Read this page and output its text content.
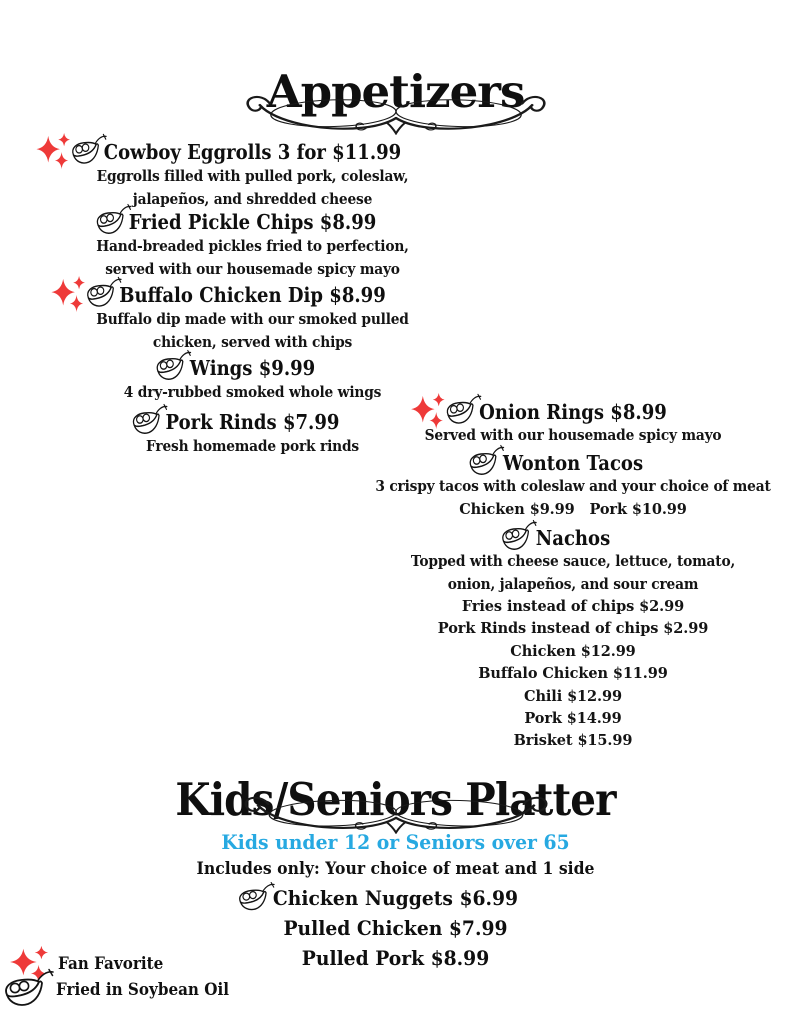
Appetizers
Cowboy Eggrolls 3 for $11.99
Eggrolls filled with pulled pork, coleslaw,
jalapeños, and shredded cheese
Fried Pickle Chips $8.99
Hand-breaded pickles fried to perfection,
served with our housemade spicy mayo
Buffalo Chicken Dip $8.99
Buffalo dip made with our smoked pulled
chicken, served with chips
Wings $9.99
4 dry-rubbed smoked whole wings
Pork Rinds $7.99
Fresh homemade pork rinds
Onion Rings $8.99
Served with our housemade spicy mayo
Wonton Tacos
3 crispy tacos with coleslaw and your choice of meat
Chicken $9.99   Pork $10.99
Nachos
Topped with cheese sauce, lettuce, tomato,
onion, jalapeños, and sour cream
Fries instead of chips $2.99
Pork Rinds instead of chips $2.99
Chicken $12.99
Buffalo Chicken $11.99
Chili $12.99
Pork $14.99
Brisket $15.99
Kids/Seniors Platter
Kids under 12 or Seniors over 65
Includes only: Your choice of meat and 1 side
Chicken Nuggets $6.99
Pulled Chicken $7.99
Pulled Pork $8.99
Fan Favorite
Fried in Soybean Oil
